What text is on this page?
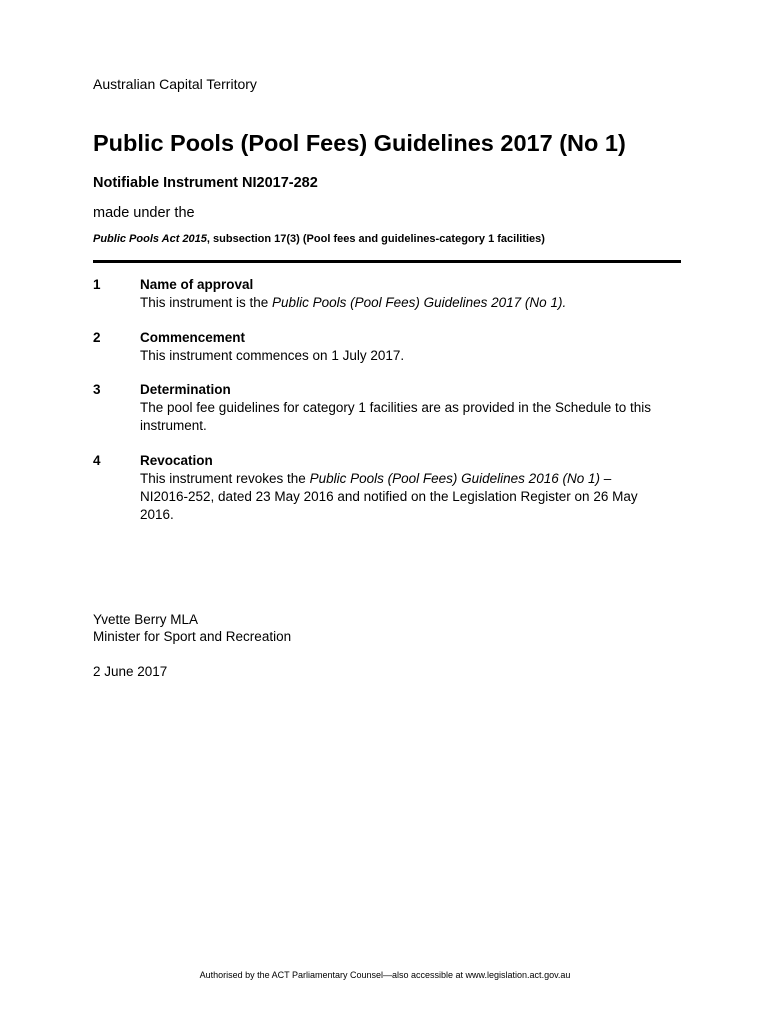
Australian Capital Territory
Public Pools (Pool Fees) Guidelines 2017 (No 1)
Notifiable Instrument NI2017-282
made under the
Public Pools Act 2015, subsection 17(3) (Pool fees and guidelines-category 1 facilities)
1	Name of approval
This instrument is the Public Pools (Pool Fees) Guidelines 2017 (No 1).
2	Commencement
This instrument commences on 1 July 2017.
3	Determination
The pool fee guidelines for category 1 facilities are as provided in the Schedule to this instrument.
4	Revocation
This instrument revokes the Public Pools (Pool Fees) Guidelines 2016 (No 1) – NI2016-252, dated 23 May 2016 and notified on the Legislation Register on 26 May 2016.
Yvette Berry MLA
Minister for Sport and Recreation
2 June 2017
Authorised by the ACT Parliamentary Counsel—also accessible at www.legislation.act.gov.au
